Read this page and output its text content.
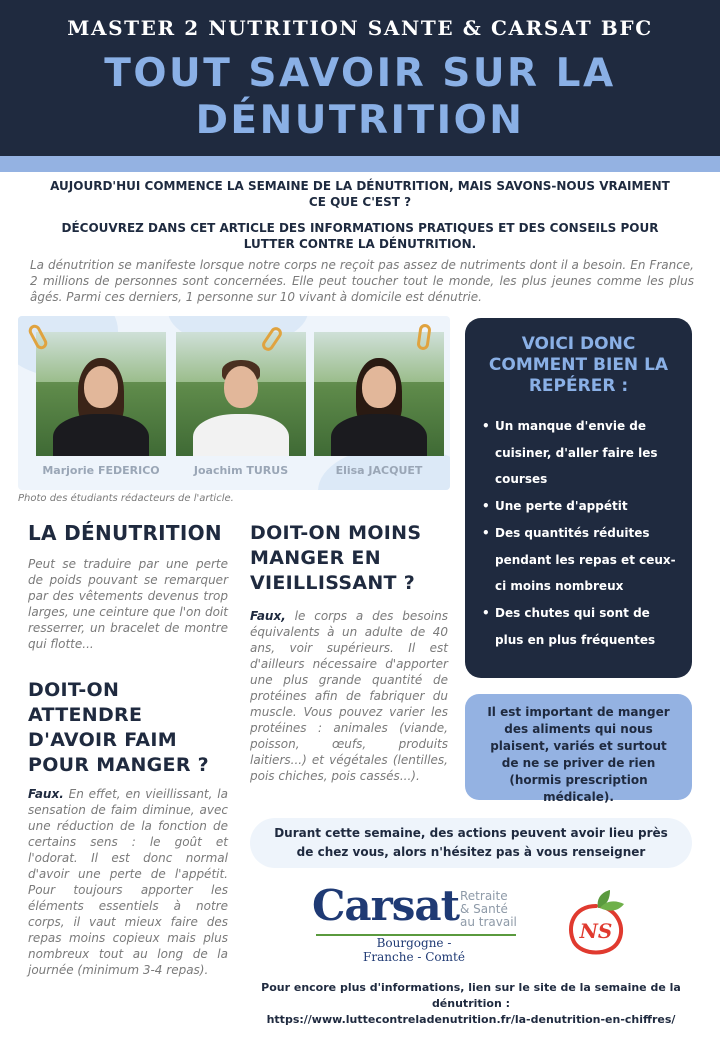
MASTER 2 NUTRITION SANTE & CARSAT BFC
TOUT SAVOIR SUR LA
DÉNUTRITION
AUJOURD'HUI COMMENCE LA SEMAINE DE LA DÉNUTRITION, MAIS SAVONS-NOUS VRAIMENT CE QUE C'EST ?
DÉCOUVREZ DANS CET ARTICLE DES INFORMATIONS PRATIQUES ET DES CONSEILS POUR LUTTER CONTRE LA DÉNUTRITION.
La dénutrition se manifeste lorsque notre corps ne reçoit pas assez de nutriments dont il a besoin. En France, 2 millions de personnes sont concernées. Elle peut toucher tout le monde, les plus jeunes comme les plus âgés. Parmi ces derniers, 1 personne sur 10 vivant à domicile est dénutrie.
Marjorie FEDERICO	Joachim TURUS	Elisa JACQUET
Photo des étudiants rédacteurs de l'article.
LA DÉNUTRITION
Peut se traduire par une perte de poids pouvant se remarquer par des vêtements devenus trop larges, une ceinture que l'on doit resserrer, un bracelet de montre qui flotte...
DOIT-ON ATTENDRE D'AVOIR FAIM POUR MANGER ?
Faux. En effet, en vieillissant, la sensation de faim diminue, avec une réduction de la fonction de certains sens : le goût et l'odorat. Il est donc normal d'avoir une perte de l'appétit. Pour toujours apporter les éléments essentiels à notre corps, il vaut mieux faire des repas moins copieux mais plus nombreux tout au long de la journée (minimum 3-4 repas).
DOIT-ON MOINS MANGER EN VIEILLISSANT ?
Faux, le corps a des besoins équivalents à un adulte de 40 ans, voir supérieurs. Il est d'ailleurs nécessaire d'apporter une plus grande quantité de protéines afin de fabriquer du muscle. Vous pouvez varier les protéines : animales (viande, poisson, œufs, produits laitiers...) et végétales (lentilles, pois chiches, pois cassés...).
VOICI DONC COMMENT BIEN LA REPÉRER :
• Un manque d'envie de cuisiner, d'aller faire les courses
• Une perte d'appétit
• Des quantités réduites pendant les repas et ceux-ci moins nombreux
• Des chutes qui sont de plus en plus fréquentes
Il est important de manger des aliments qui nous plaisent, variés et surtout de ne se priver de rien (hormis prescription médicale).
Durant cette semaine, des actions peuvent avoir lieu près de chez vous, alors n'hésitez pas à vous renseigner
Carsat Retraite
& Santé
au travail
Bourgogne -
Franche - Comté
NS
Pour encore plus d'informations, lien sur le site de la semaine de la dénutrition :
https://www.luttecontreladenutrition.fr/la-denutrition-en-chiffres/
